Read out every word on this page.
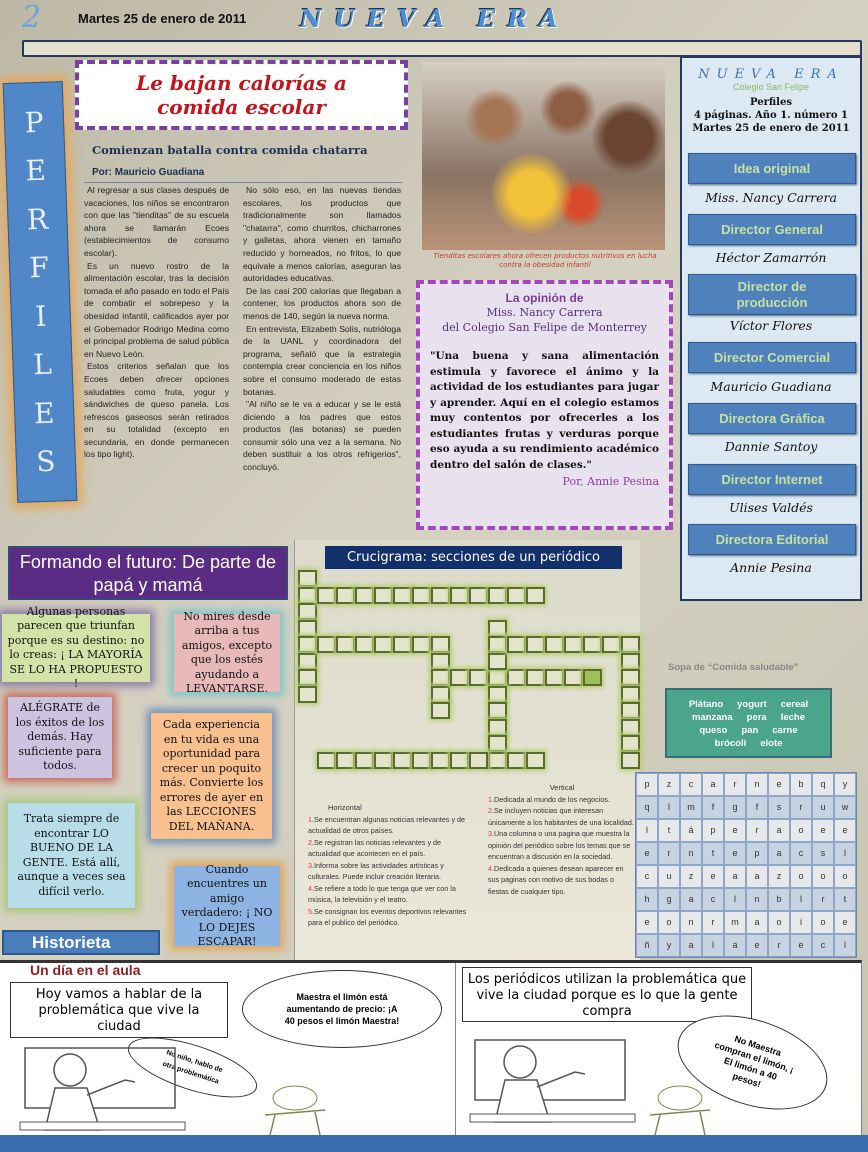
2	Martes 25 de enero de 2011 NUEVA ERA
P
E
R
F
I
L
E
S
Le bajan calorías a comida escolar
Tienditas escolares ahora ofrecen productos nutritivos en lucha contra la obesidad infantil
Comienzan batalla contra comida chatarra
Por: Mauricio Guadiana

Al regresar a sus clases después de vacaciones, los niños se encontraron con que las "tienditas" de su escuela ahora se llamarán Ecoes (establecimientos de consumo escolar).

Es un nuevo rostro de la alimentación escolar, tras la decisión tomada el año pasado en todo el País de combatir el sobrepeso y la obesidad infantil, calificados ayer por el Gobernador Rodrigo Medina como el principal problema de salud pública en Nuevo León.

Estos criterios señalan que los Ecoes deben ofrecer opciones saludables como fruta, yogur y sándwiches de queso panela. Los refrescos gaseosos serán retirados en su totalidad (excepto en secundaria, en donde permanecen los tipo light).

No sólo eso, en las nuevas tiendas escolares, los productos que tradicionalmente son llamados "chatarra", como churritos, chicharrones y galletas, ahora vienen en tamaño reducido y horneados, no fritos, lo que equivale a menos calorías, aseguran las autoridades educativas.

De las casi 200 calorías que llegaban a contener, los productos ahora son de menos de 140, según la nueva norma.

En entrevista, Elizabeth Solís, nutrióloga de la UANL y coordinadora del programa, señaló que la estrategia contempla crear conciencia en los niños sobre el consumo moderado de estas botanas.

"Al niño se le va a educar y se le está diciendo a los padres que estos productos (las botanas) se pueden consumir sólo una vez a la semana. No deben sustituir a los otros refrigerios", concluyó.

La opinión de
Miss. Nancy Carrera
del Colegio San Felipe de Monterrey
"Una buena y sana alimentación estimula y favorece el ánimo y la actividad de los estudiantes para jugar y aprender. Aquí en el colegio estamos muy contentos por ofrecerles a los estudiantes frutas y verduras porque eso ayuda a su rendimiento académico dentro del salón de clases."
Por, Annie Pesina
NUEVA ERA
Colegio San Felipe
Perfiles
4 páginas. Año 1. número 1
Martes 25 de enero de 2011
Idea original
Miss. Nancy Carrera
Director General
Héctor Zamarrón
Director de producción
Víctor Flores
Director Comercial
Mauricio Guadiana
Directora Gráfica
Dannie Santoy
Director Internet
Ulises Valdés
Directora Editorial
Annie Pesina
Formando el futuro: De parte de papá y mamá
Algunas personas parecen que triunfan porque es su destino: no lo creas: ¡ LA MAYORÍA SE LO HA PROPUESTO !
No mires desde arriba a tus amigos, excepto que los estés ayudando a LEVANTARSE.
ALÉGRATE de los éxitos de los demás. Hay suficiente para todos.
Cada experiencia en tu vida es una oportunidad para crecer un poquito más. Convierte los errores de ayer en las LECCIONES DEL MAÑANA.
Trata siempre de encontrar LO BUENO DE LA GENTE. Está allí, aunque a veces sea difícil verlo.
Cuando encuentres un amigo verdadero: ¡ NO LO DEJES ESCAPAR!
Crucigrama: secciones de un periódico
Horizontal
1.Se encuentran algunas noticias relevantes y de actualidad de otros países.
2.Se registran las noticias relevantes y de actualidad que acontecen en el país.
3.Informa sobre las actividades artísticas y culturales. Puede incluir creación literaria.
4.Se refiere a todo lo que tenga que ver con la música, la televisión y el teatro.
5.Se consignan los eventos deportivos relevantes para el publico del periódico.
Vertical
1.Dedicada al mundo de los negocios.
2.Se incluyen noticias que interesan únicamente a los habitantes de una localidad.
3.Una columna o una pagina que muestra la opinión del periódico sobre los temas que se encuentran a discusión en la sociedad.
4.Dedicada a quienes desean aparecer en sus paginas con motivo de sus bodas o fiestas de cualquier tipo.
Sopa de “Comida saludable”
Plátano yogurt cereal
manzana pera leche
queso pan carne
brócoli elote
p	z	c	a	r	n	e	b	q	y
q	l	m	f	g	f	s	r	u	w
l	t	á	p	e	r	a	o	e	e
e	r	n	t	e	p	a	c	s	l
c	u	z	e	a	a	z	o	o	o
h	g	a	c	l	n	b	l	r	t
e	o	n	r	m	a	o	í	o	e
ñ	y	a	l	a	e	r	e	c	l
Historieta
Un día en el aula
Hoy vamos a hablar de la problemática que vive la ciudad
Maestra el limón está aumentando de precio: ¡A 40 pesos el limón Maestra!
No niño, hablo de otra problemática
Los periódicos utilizan la problemática que vive la ciudad porque es lo que la gente compra
No Maestra compran el limón, ¡ El limón a 40 pesos!
